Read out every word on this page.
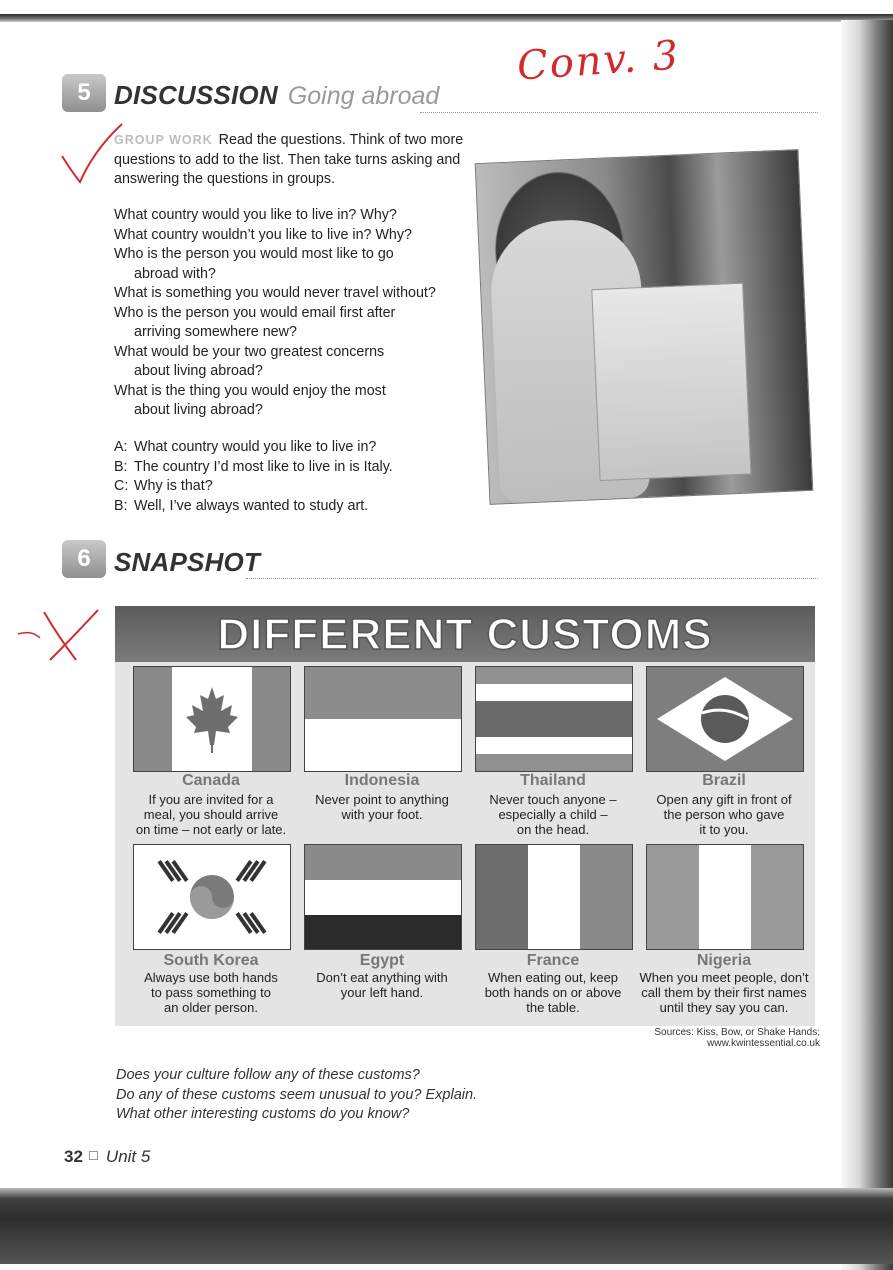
Conv. 3
5 DISCUSSION Going abroad
GROUP WORK Read the questions. Think of two more questions to add to the list. Then take turns asking and answering the questions in groups.

What country would you like to live in? Why?

What country wouldn’t you like to live in? Why?

Who is the person you would most like to go

abroad with?

What is something you would never travel without?

Who is the person you would email first after

arriving somewhere new?

What would be your two greatest concerns

about living abroad?

What is the thing you would enjoy the most

about living abroad?

A: What country would you like to live in?

B: The country I’d most like to live in is Italy.

C: Why is that?

B: Well, I’ve always wanted to study art.

6 SNAPSHOT
DIFFERENT CUSTOMS
Canada
If you are invited for a
meal, you should arrive
on time – not early or late.
Indonesia
Never point to anything
with your foot.
Thailand
Never touch anyone –
especially a child –
on the head.
Brazil
Open any gift in front of
the person who gave
it to you.
South Korea
Always use both hands
to pass something to
an older person.
Egypt
Don’t eat anything with
your left hand.
France
When eating out, keep
both hands on or above
the table.
Nigeria
When you meet people, don’t
call them by their first names
until they say you can.
Sources: Kiss, Bow, or Shake Hands; www.kwintessential.co.uk
Does your culture follow any of these customs?
Do any of these customs seem unusual to you? Explain.
What other interesting customs do you know?
32 Unit 5
